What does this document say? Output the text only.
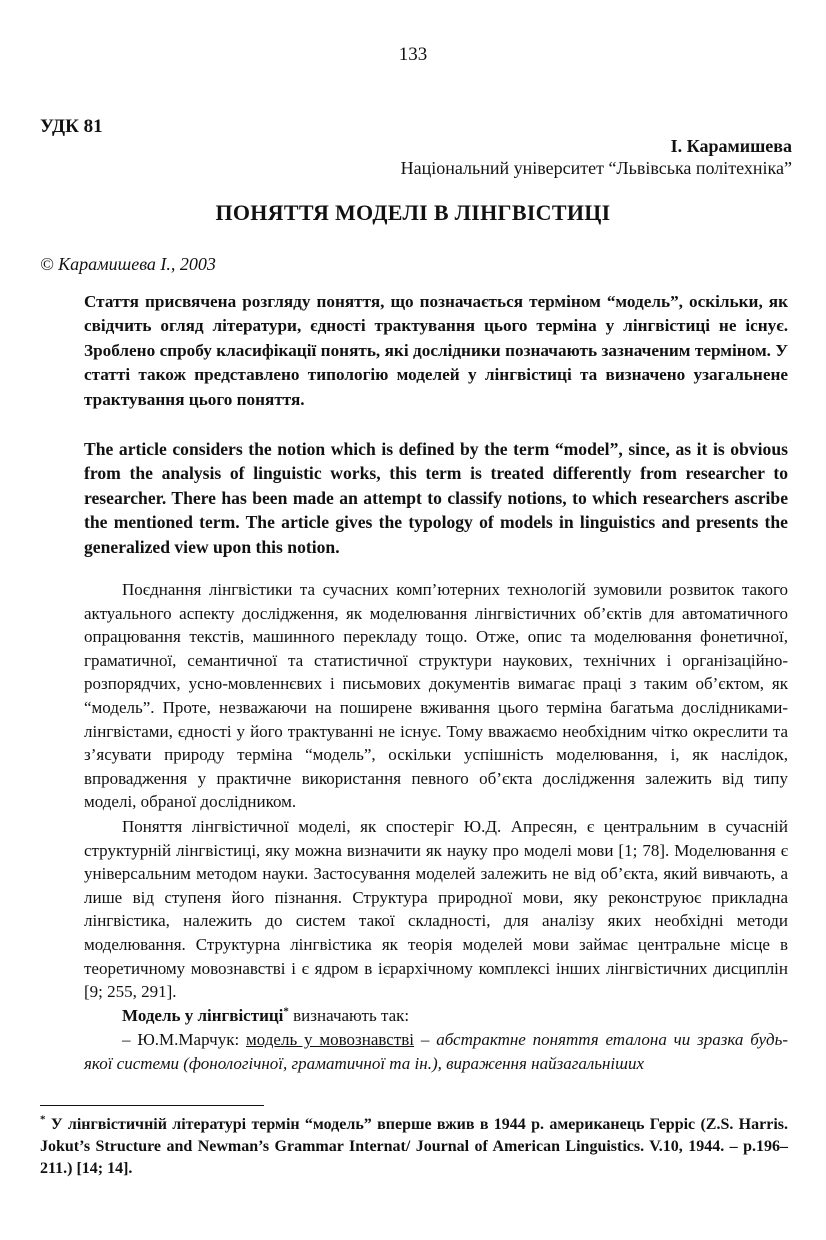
133
УДК 81
І. Карамишева
Національний університет “Львівська політехніка”
ПОНЯТТЯ МОДЕЛІ В ЛІНГВІСТИЦІ
© Карамишева І., 2003
Стаття присвячена розгляду поняття, що позначається терміном “модель”, оскільки, як свідчить огляд літератури, єдності трактування цього терміна у лінгвістиці не існує. Зроблено спробу класифікації понять, які дослідники позначають зазначеним терміном. У статті також представлено типологію моделей у лінгвістиці та визначено узагальнене трактування цього поняття.
The article considers the notion which is defined by the term “model”, since, as it is obvious from the analysis of linguistic works, this term is treated differently from researcher to researcher. There has been made an attempt to classify notions, to which researchers ascribe the mentioned term. The article gives the typology of models in linguistics and presents the generalized view upon this notion.

Поєднання лінгвістики та сучасних комп’ютерних технологій зумовили розвиток такого актуального аспекту дослідження, як моделювання лінгвістичних об’єктів для автоматичного опрацювання текстів, машинного перекладу тощо. Отже, опис та моделювання фонетичної, граматичної, семантичної та статистичної структури наукових, технічних і організаційно-розпорядчих, усно-мовленнєвих і письмових документів вимагає праці з таким об’єктом, як “модель”. Проте, незважаючи на поширене вживання цього терміна багатьма дослідниками-лінгвістами, єдності у його трактуванні не існує. Тому вважаємо необхідним чітко окреслити та з’ясувати природу терміна “модель”, оскільки успішність моделювання, і, як наслідок, впровадження у практичне використання певного об’єкта дослідження залежить від типу моделі, обраної дослідником.

Поняття лінгвістичної моделі, як спостеріг Ю.Д. Апресян, є центральним в сучасній структурній лінгвістиці, яку можна визначити як науку про моделі мови [1; 78]. Моделювання є універсальним методом науки. Застосування моделей залежить не від об’єкта, який вивчають, а лише від ступеня його пізнання. Структура природної мови, яку реконструює прикладна лінгвістика, належить до систем такої складності, для аналізу яких необхідні методи моделювання. Структурна лінгвістика як теорія моделей мови займає центральне місце в теоретичному мовознавстві і є ядром в ієрархічному комплексі інших лінгвістичних дисциплін [9; 255, 291].

Модель у лінгвістиці* визначають так:

– Ю.М.Марчук: модель у мовознавстві – абстрактне поняття еталона чи зразка будь-якої системи (фонологічної, граматичної та ін.), вираження найзагальніших

* У лінгвістичній літературі термін “модель” вперше вжив в 1944 р. американець Герріс (Z.S. Harris. Jokut’s Structure and Newman’s Grammar Internat/ Journal of American Linguistics. V.10, 1944. – p.196–211.) [14; 14].
